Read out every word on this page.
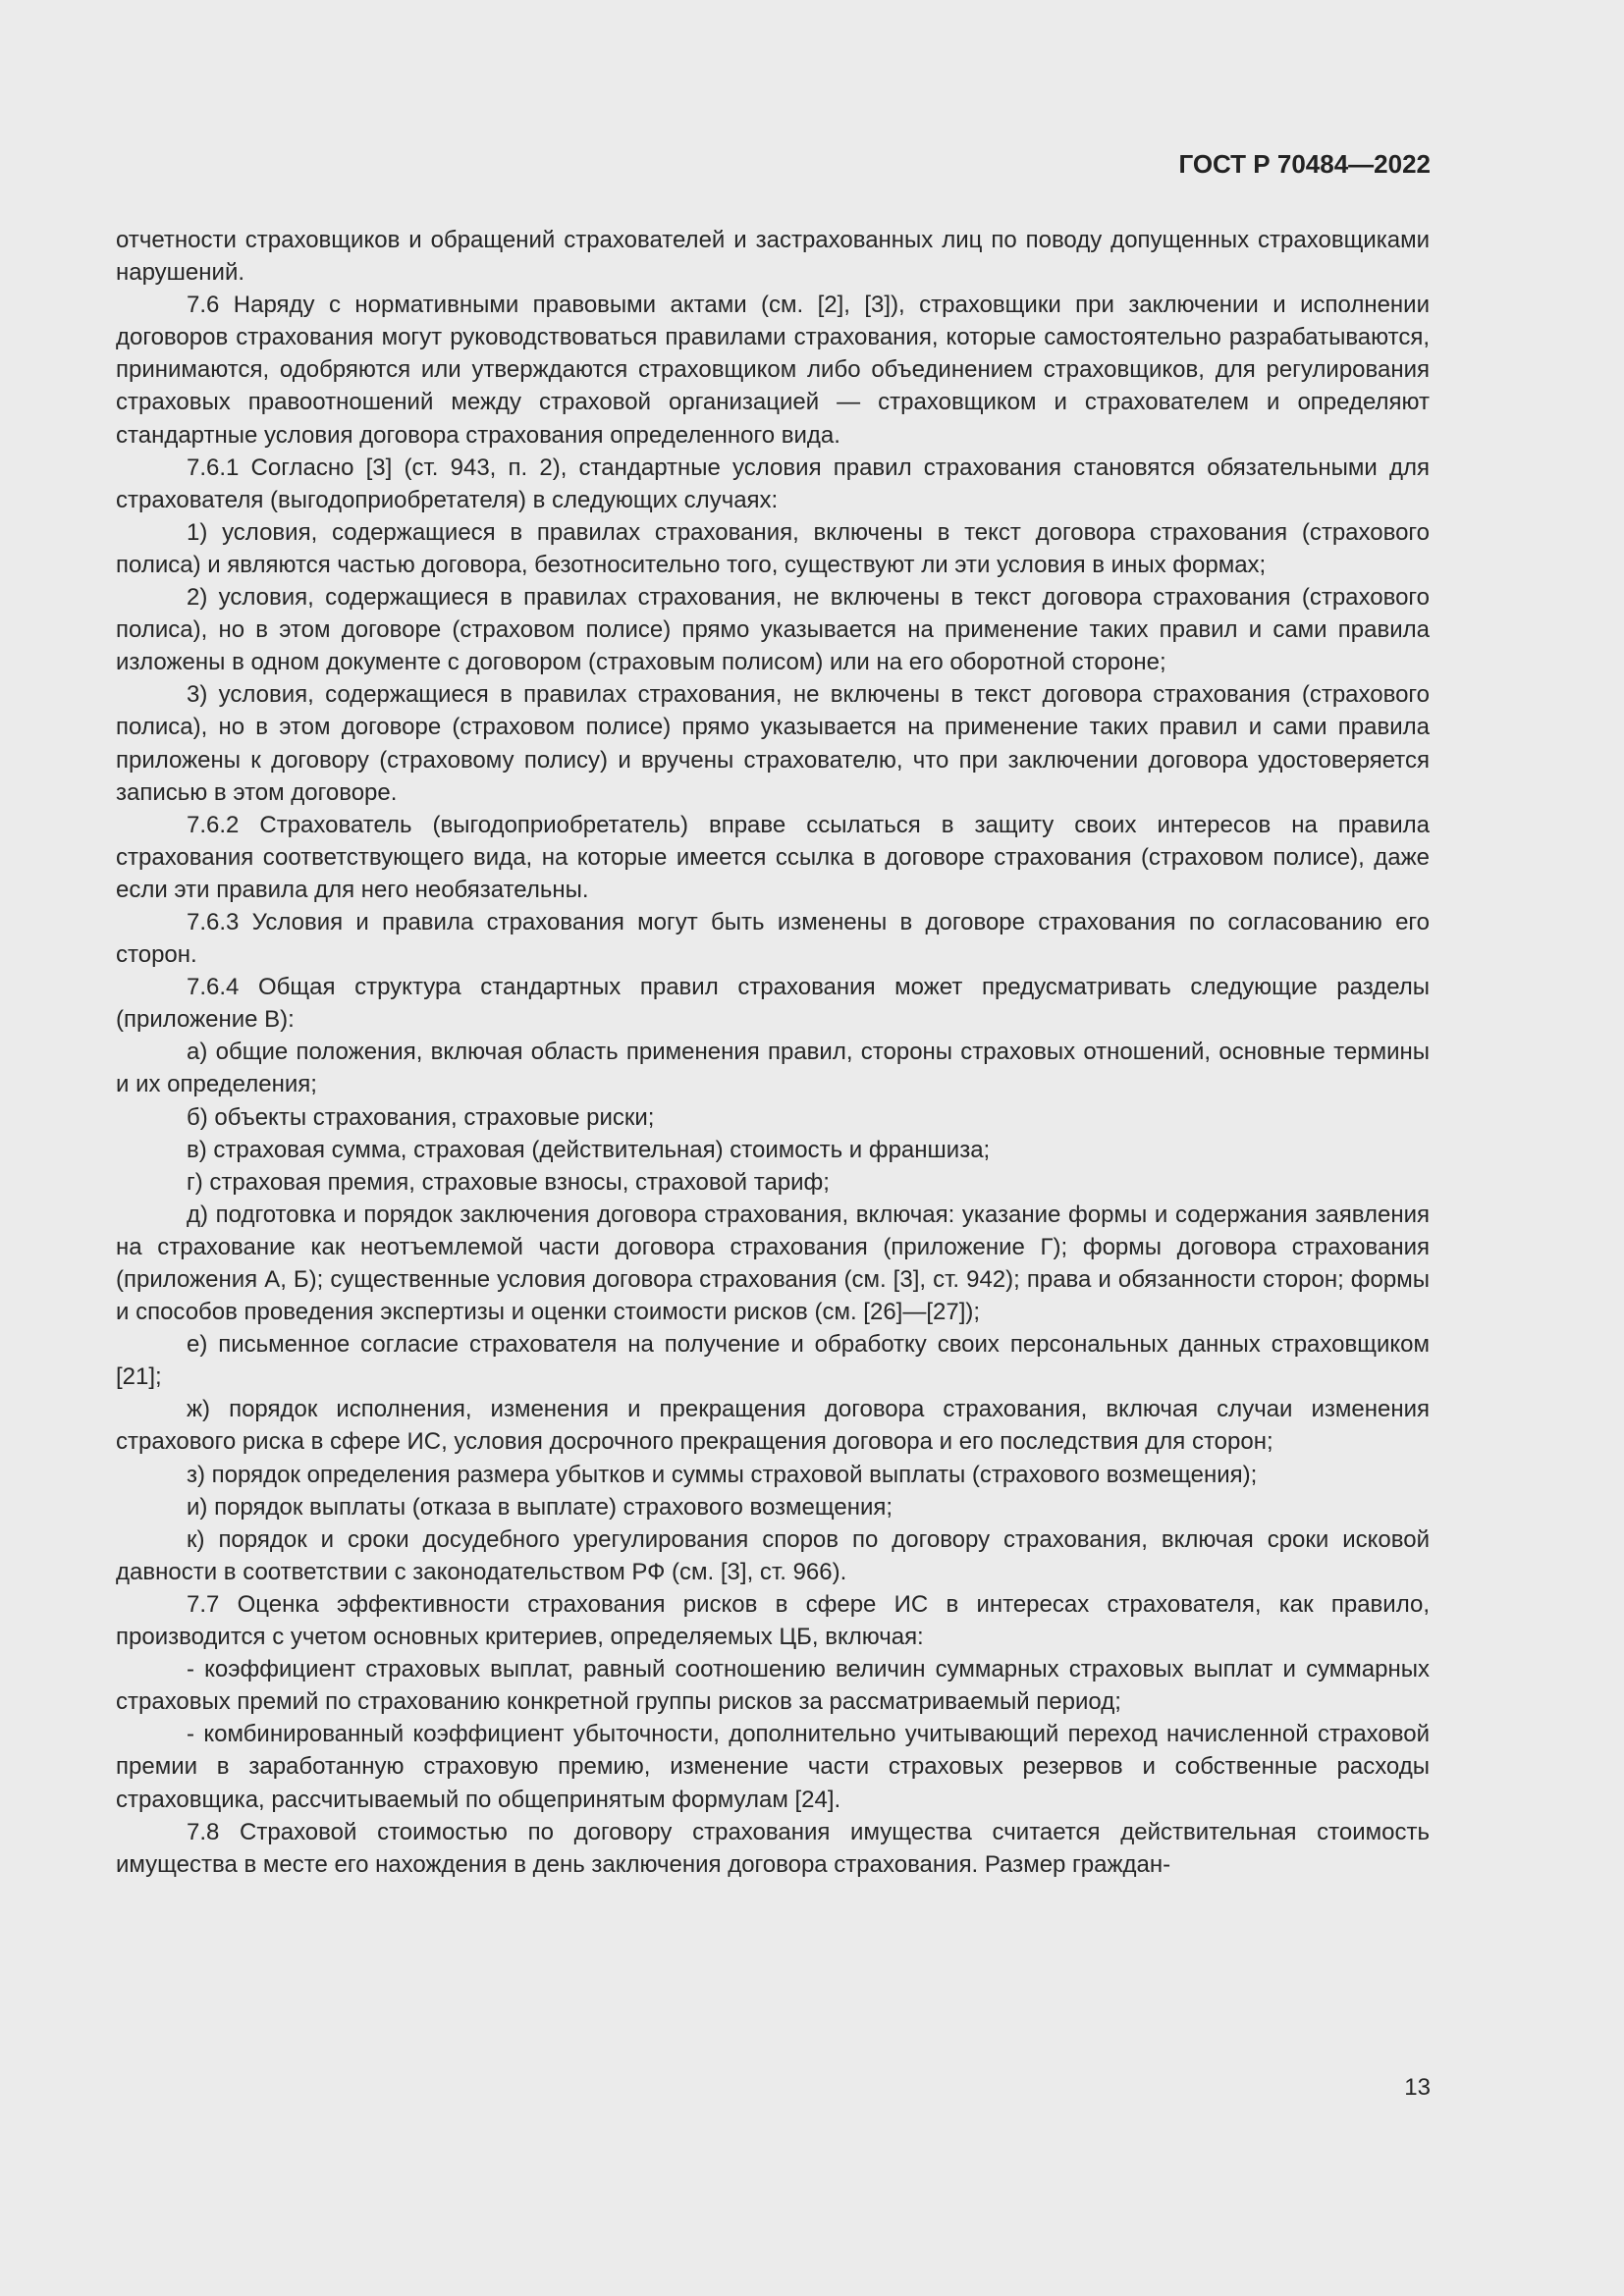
ГОСТ Р 70484—2022

отчетности страховщиков и обращений страхователей и застрахованных лиц по поводу допущенных страховщиками нарушений.

7.6 Наряду с нормативными правовыми актами (см. [2], [3]), страховщики при заключении и исполнении договоров страхования могут руководствоваться правилами страхования, которые самостоятельно разрабатываются, принимаются, одобряются или утверждаются страховщиком либо объединением страховщиков, для регулирования страховых правоотношений между страховой организацией — страховщиком и страхователем и определяют стандартные условия договора страхования определенного вида.

7.6.1 Согласно [3] (ст. 943, п. 2), стандартные условия правил страхования становятся обязательными для страхователя (выгодоприобретателя) в следующих случаях:

1) условия, содержащиеся в правилах страхования, включены в текст договора страхования (страхового полиса) и являются частью договора, безотносительно того, существуют ли эти условия в иных формах;

2) условия, содержащиеся в правилах страхования, не включены в текст договора страхования (страхового полиса), но в этом договоре (страховом полисе) прямо указывается на применение таких правил и сами правила изложены в одном документе с договором (страховым полисом) или на его оборотной стороне;

3) условия, содержащиеся в правилах страхования, не включены в текст договора страхования (страхового полиса), но в этом договоре (страховом полисе) прямо указывается на применение таких правил и сами правила приложены к договору (страховому полису) и вручены страхователю, что при заключении договора удостоверяется записью в этом договоре.

7.6.2 Страхователь (выгодоприобретатель) вправе ссылаться в защиту своих интересов на правила страхования соответствующего вида, на которые имеется ссылка в договоре страхования (страховом полисе), даже если эти правила для него необязательны.

7.6.3 Условия и правила страхования могут быть изменены в договоре страхования по согласованию его сторон.

7.6.4 Общая структура стандартных правил страхования может предусматривать следующие разделы (приложение В):

а) общие положения, включая область применения правил, стороны страховых отношений, основные термины и их определения;

б) объекты страхования, страховые риски;

в) страховая сумма, страховая (действительная) стоимость и франшиза;

г) страховая премия, страховые взносы, страховой тариф;

д) подготовка и порядок заключения договора страхования, включая: указание формы и содержания заявления на страхование как неотъемлемой части договора страхования (приложение Г); формы договора страхования (приложения А, Б); существенные условия договора страхования (см. [3], ст. 942); права и обязанности сторон; формы и способов проведения экспертизы и оценки стоимости рисков (см. [26]—[27]);

е) письменное согласие страхователя на получение и обработку своих персональных данных страховщиком [21];

ж) порядок исполнения, изменения и прекращения договора страхования, включая случаи изменения страхового риска в сфере ИС, условия досрочного прекращения договора и его последствия для сторон;

з) порядок определения размера убытков и суммы страховой выплаты (страхового возмещения);

и) порядок выплаты (отказа в выплате) страхового возмещения;

к) порядок и сроки досудебного урегулирования споров по договору страхования, включая сроки исковой давности в соответствии с законодательством РФ (см. [3], ст. 966).

7.7 Оценка эффективности страхования рисков в сфере ИС в интересах страхователя, как правило, производится с учетом основных критериев, определяемых ЦБ, включая:

- коэффициент страховых выплат, равный соотношению величин суммарных страховых выплат и суммарных страховых премий по страхованию конкретной группы рисков за рассматриваемый период;

- комбинированный коэффициент убыточности, дополнительно учитывающий переход начисленной страховой премии в заработанную страховую премию, изменение части страховых резервов и собственные расходы страховщика, рассчитываемый по общепринятым формулам [24].

7.8 Страховой стоимостью по договору страхования имущества считается действительная стоимость имущества в месте его нахождения в день заключения договора страхования. Размер граждан-

13
